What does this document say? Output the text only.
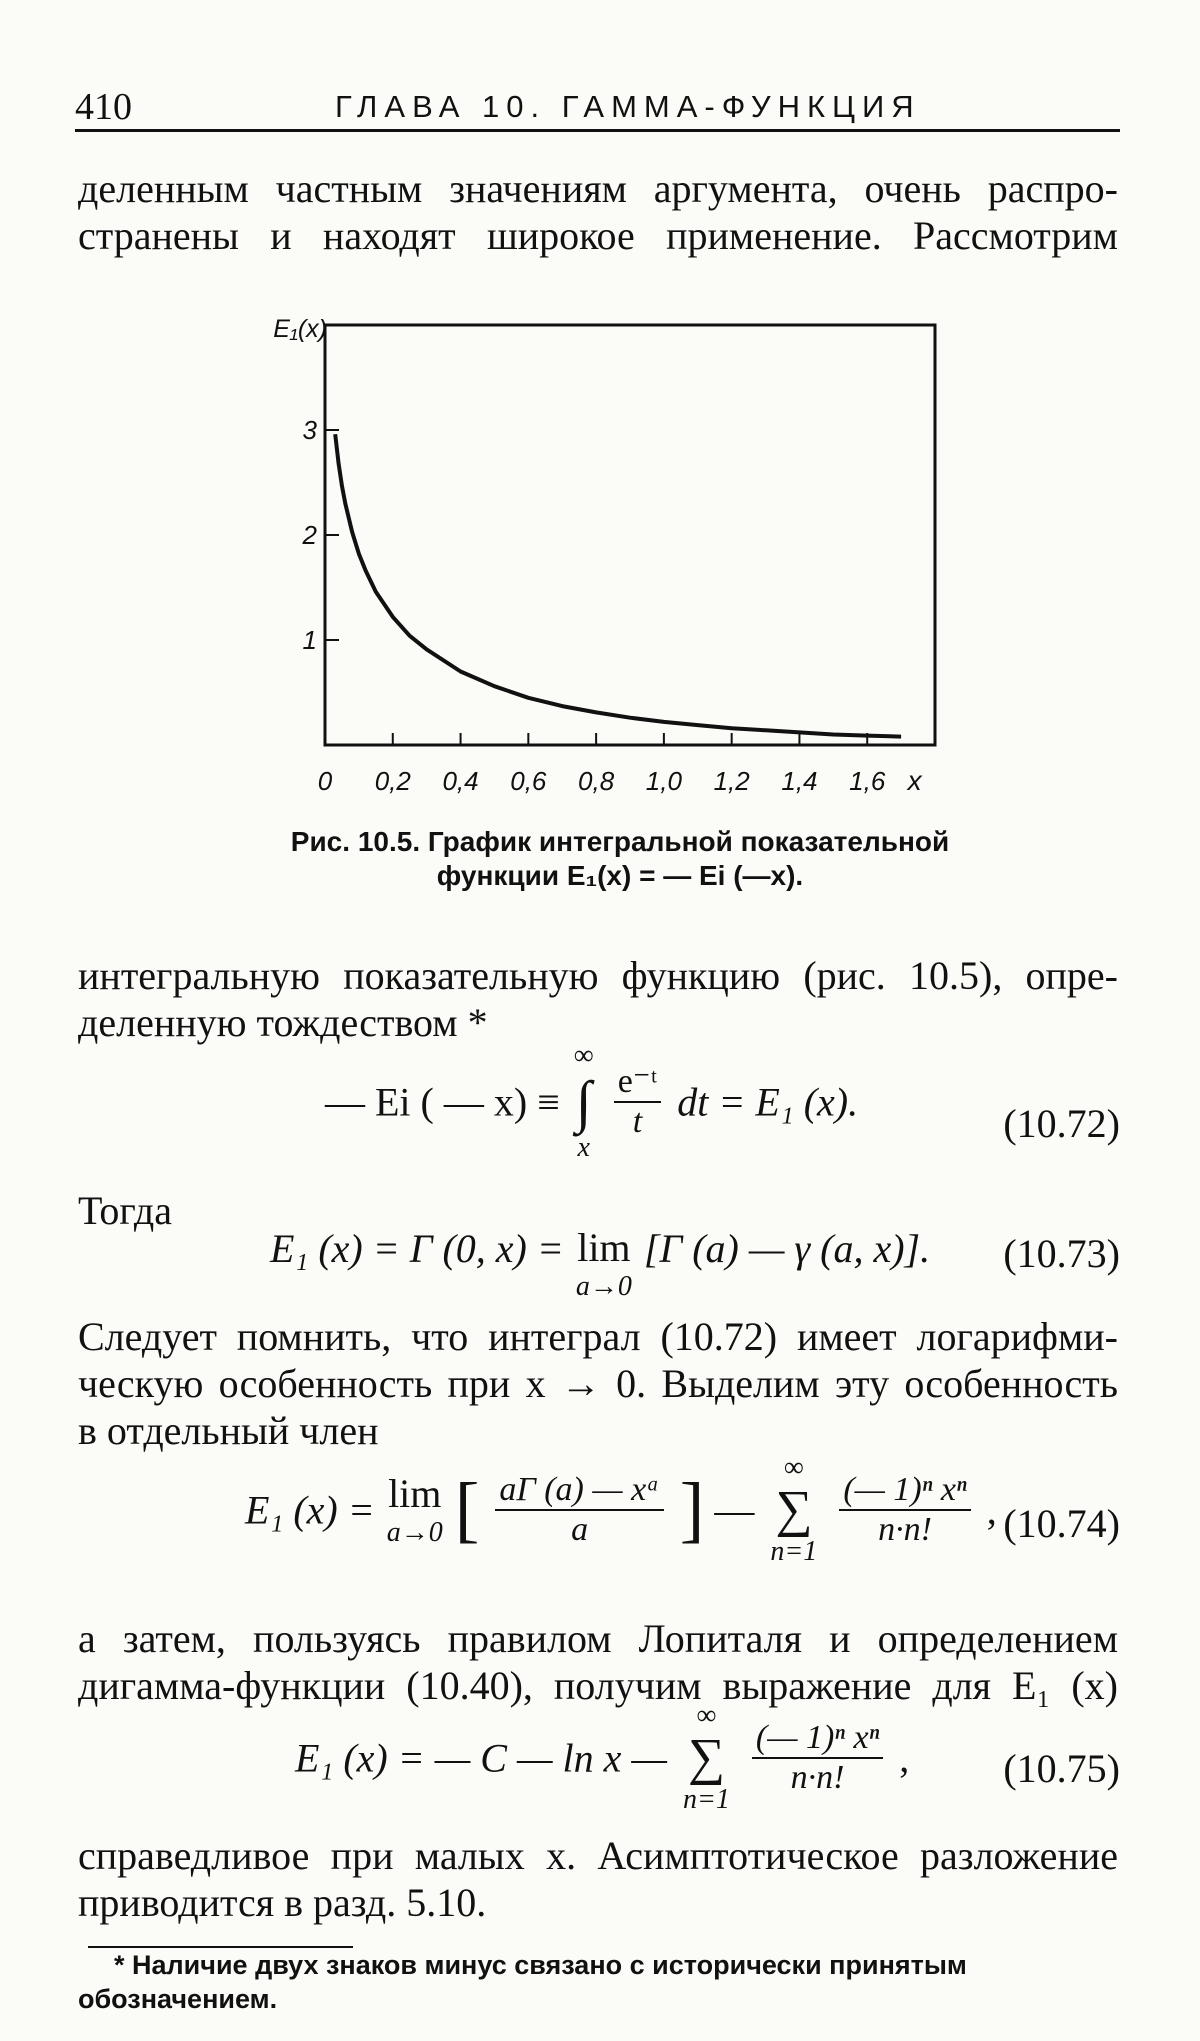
410	ГЛАВА 10. ГАММА-ФУНКЦИЯ
деленным частным значениям аргумента, очень распро-
странены и находят широкое применение. Рассмотрим
0 0,2 0,4 0,6 0,8 1,0 1,2 1,4 1,6 x
1
2
3
E₁(x)
Рис. 10.5. График интегральной показательной
функции E₁(x) = — Ei (—x).
интегральную показательную функцию (рис. 10.5), опре-
деленную тождеством *
— Ei ( — x) ≡
∞
∫
x

$\frac{\text{e⁻ᵗ}}{t}$ dt = E₁ (x).	(10.72)
Тогда
E₁ (x) = Γ (0, x) = lim
a→0
[Γ (a) — γ (a, x)]. (10.73)
Следует помнить, что интеграл (10.72) имеет логарифми-
ческую особенность при x → 0. Выделим эту особенность
в отдельный член
E₁ (x) = lim
a→0 [ $\frac{\text{aΓ (a) — xᵃ}}{a}$ ] —
∞
∑
n=1

$\frac{\text{(— 1)ⁿ xⁿ}}{n\cdot n!}$ , (10.74)
а затем, пользуясь правилом Лопиталя и определением
дигамма-функции (10.40), получим выражение для E₁ (x)
E₁ (x) = — C — ln x —
∞
∑
n=1

$\frac{\text{(— 1)ⁿ xⁿ}}{n\cdot n!}$ , (10.75)
справедливое при малых x. Асимптотическое разложение
приводится в разд. 5.10.
* Наличие двух знаков минус связано с исторически принятым
обозначением.
